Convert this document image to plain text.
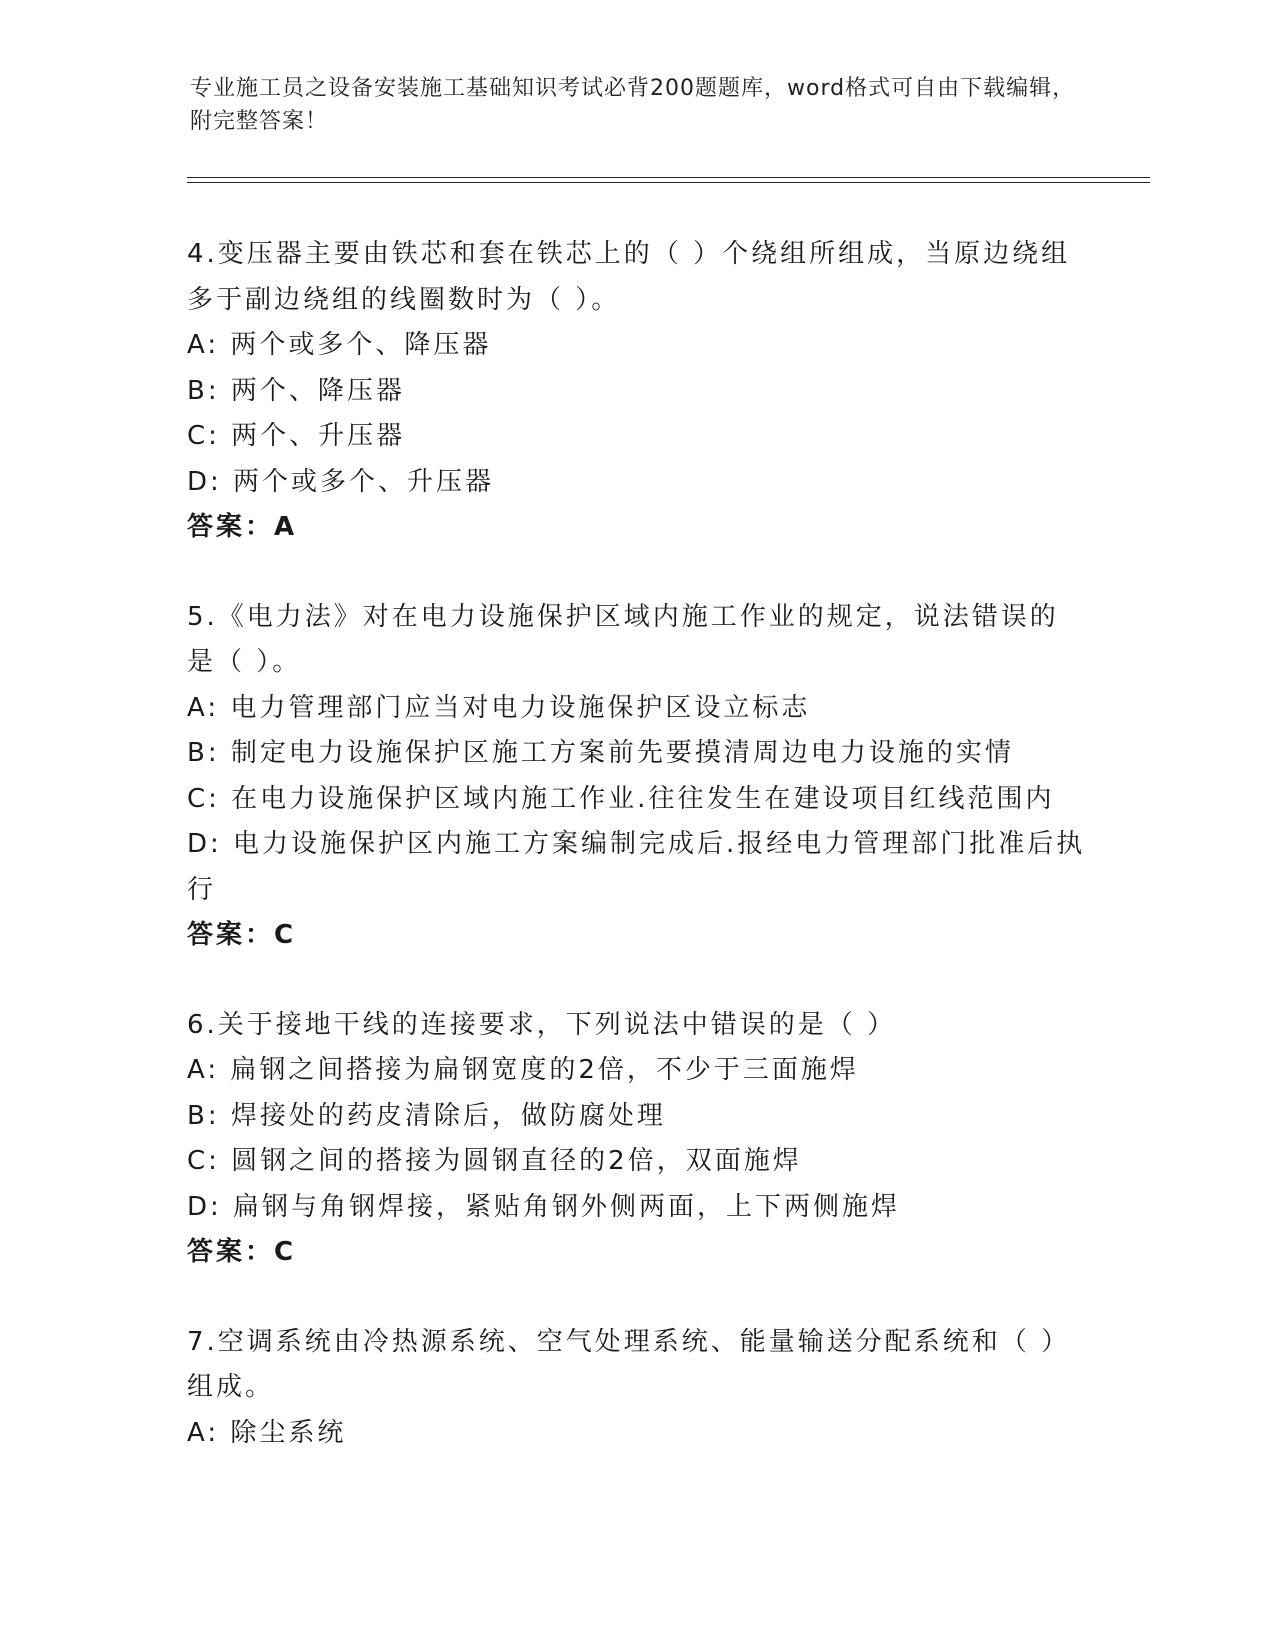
专业施工员之设备安装施工基础知识考试必背200题题库，word格式可自由下载编辑，附完整答案！

4.变压器主要由铁芯和套在铁芯上的（ ）个绕组所组成，当原边绕组多于副边绕组的线圈数时为（ ）。

A: 两个或多个、降压器

B: 两个、降压器

C: 两个、升压器

D: 两个或多个、升压器

答案：A

5.《电力法》对在电力设施保护区域内施工作业的规定，说法错误的是（ ）。

A: 电力管理部门应当对电力设施保护区设立标志

B: 制定电力设施保护区施工方案前先要摸清周边电力设施的实情

C: 在电力设施保护区域内施工作业.往往发生在建设项目红线范围内

D: 电力设施保护区内施工方案编制完成后.报经电力管理部门批准后执行

答案：C

6.关于接地干线的连接要求，下列说法中错误的是（ ）

A: 扁钢之间搭接为扁钢宽度的2倍，不少于三面施焊

B: 焊接处的药皮清除后，做防腐处理

C: 圆钢之间的搭接为圆钢直径的2倍，双面施焊

D: 扁钢与角钢焊接，紧贴角钢外侧两面，上下两侧施焊

答案：C

7.空调系统由冷热源系统、空气处理系统、能量输送分配系统和（ ）组成。

A: 除尘系统
